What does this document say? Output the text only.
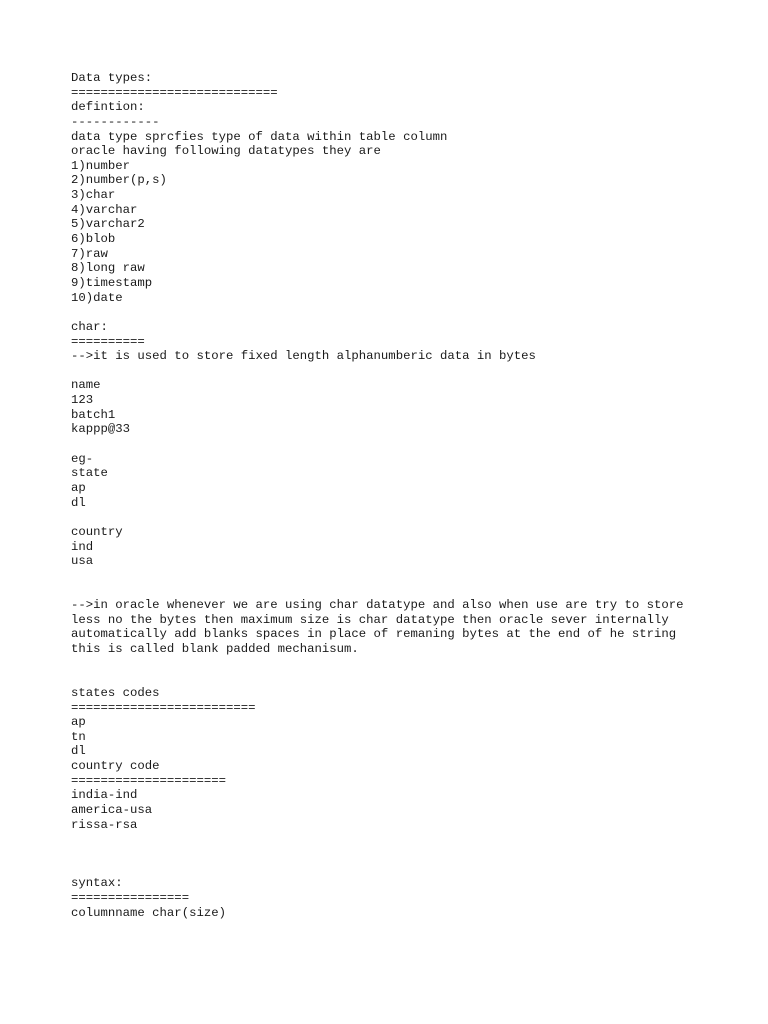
Data types:
============================
defintion:
------------
data type sprcfies type of data within table column
oracle having following datatypes they are
1)number
2)number(p,s)
3)char
4)varchar
5)varchar2
6)blob
7)raw
8)long raw
9)timestamp
10)date
char:
==========
-->it is used to store fixed length alphanumberic data in bytes
name
123
batch1
kappp@33
eg-
state
ap
dl
country
ind
usa
-->in oracle whenever we are using char datatype and also when use are try to store
less no the bytes then maximum size is char datatype then oracle sever internally
automatically add blanks spaces in place of remaning bytes at the end of he string
this is called blank padded mechanisum.
states codes
=========================
ap
tn
dl
country code
=====================
india-ind
america-usa
rissa-rsa
syntax:
================
columnname char(size)
